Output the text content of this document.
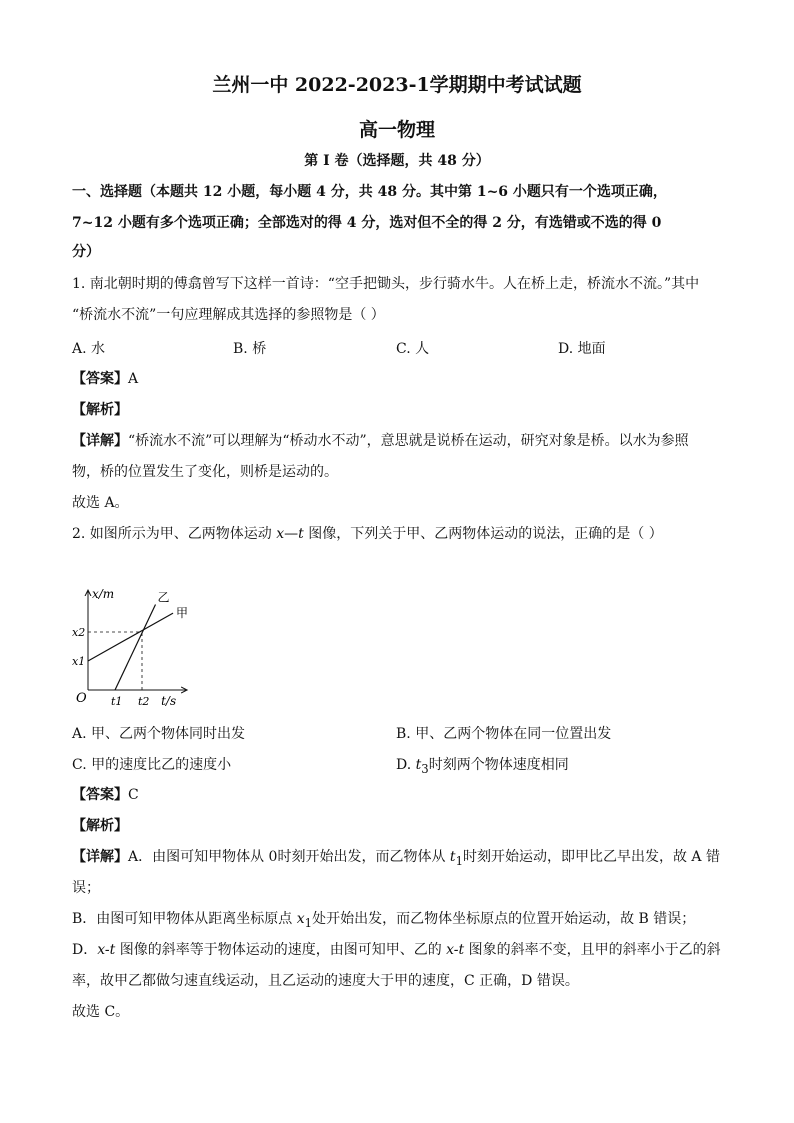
兰州一中 2022-2023-1学期期中考试试题
高一物理
第 I 卷（选择题，共 48 分）
一、选择题（本题共 12 小题，每小题 4 分，共 48 分。其中第 1~6 小题只有一个选项正确，
7~12 小题有多个选项正确；全部选对的得 4 分，选对但不全的得 2 分，有选错或不选的得 0
分）
1. 南北朝时期的傅翕曾写下这样一首诗：“空手把锄头，步行骑水牛。人在桥上走，桥流水不流。”其中
“桥流水不流”一句应理解成其选择的参照物是（ ）
A. 水	B. 桥	C. 人	D. 地面
【答案】A
【解析】
【详解】“桥流水不流”可以理解为“桥动水不动”，意思就是说桥在运动，研究对象是桥。以水为参照
物，桥的位置发生了变化，则桥是运动的。
故选 A。
2. 如图所示为甲、乙两物体运动 x—t 图像，下列关于甲、乙两物体运动的说法，正确的是（ ）
x/m
t/s
O
x1
x2
t1 t2
甲
乙
A. 甲、乙两个物体同时出发	B. 甲、乙两个物体在同一位置出发
C. 甲的速度比乙的速度小	D. $t_3$时刻两个物体速度相同
【答案】C
【解析】
【详解】A．由图可知甲物体从 0时刻开始出发，而乙物体从 $t_1$时刻开始运动，即甲比乙早出发，故 A 错
误；
B．由图可知甲物体从距离坐标原点 $x_1$处开始出发，而乙物体坐标原点的位置开始运动，故 B 错误；
D．x-t 图像的斜率等于物体运动的速度，由图可知甲、乙的 x-t 图象的斜率不变，且甲的斜率小于乙的斜
率，故甲乙都做匀速直线运动，且乙运动的速度大于甲的速度，C 正确，D 错误。
故选 C。
